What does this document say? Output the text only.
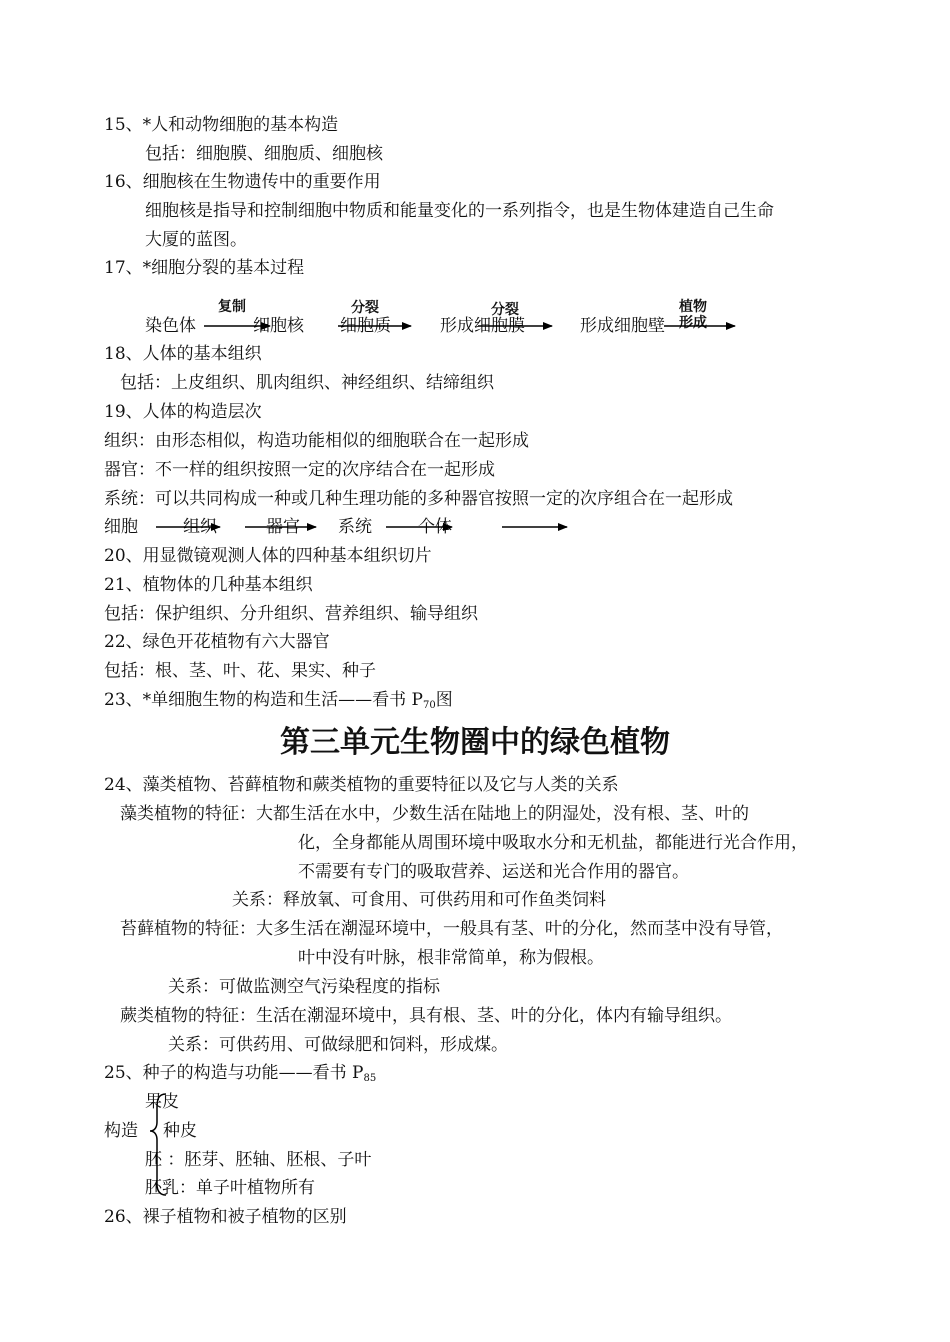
15、*人和动物细胞的基本构造
包括：细胞膜、细胞质、细胞核
16、细胞核在生物遗传中的重要作用
细胞核是指导和控制细胞中物质和能量变化的一系列指令，也是生物体建造自己生命
大厦的蓝图。
17、*细胞分裂的基本过程
染色体	细胞核 细胞质	形成细胞膜	形成细胞壁
复制	分裂	分裂	植物
形成
18、人体的基本组织
包括：上皮组织、肌肉组织、神经组织、结缔组织
19、人体的构造层次
组织：由形态相似，构造功能相似的细胞联合在一起形成
器官：不一样的组织按照一定的次序结合在一起形成
系统：可以共同构成一种或几种生理功能的多种器官按照一定的次序组合在一起形成
细胞	组织	器官 系统	个体
20、用显微镜观测人体的四种基本组织切片
21、植物体的几种基本组织
包括：保护组织、分升组织、营养组织、输导组织
22、绿色开花植物有六大器官
包括：根、茎、叶、花、果实、种子
23、*单细胞生物的构造和生活——看书 $P_{70}$图
第三单元生物圈中的绿色植物
24、藻类植物、苔藓植物和蕨类植物的重要特征以及它与人类的关系
藻类植物的特征：大都生活在水中，少数生活在陆地上的阴湿处，没有根、茎、叶的
化，全身都能从周围环境中吸取水分和无机盐，都能进行光合作用，
不需要有专门的吸取营养、运送和光合作用的器官。
关系：释放氧、可食用、可供药用和可作鱼类饲料
苔藓植物的特征：大多生活在潮湿环境中，一般具有茎、叶的分化，然而茎中没有导管，
叶中没有叶脉，根非常简单，称为假根。
关系：可做监测空气污染程度的指标
蕨类植物的特征：生活在潮湿环境中，具有根、茎、叶的分化，体内有输导组织。
关系：可供药用、可做绿肥和饲料，形成煤。
25、种子的构造与功能——看书 $P_{85}$
构造
果皮
种皮
胚 ：胚芽、胚轴、胚根、子叶
胚乳：单子叶植物所有
26、裸子植物和被子植物的区别
